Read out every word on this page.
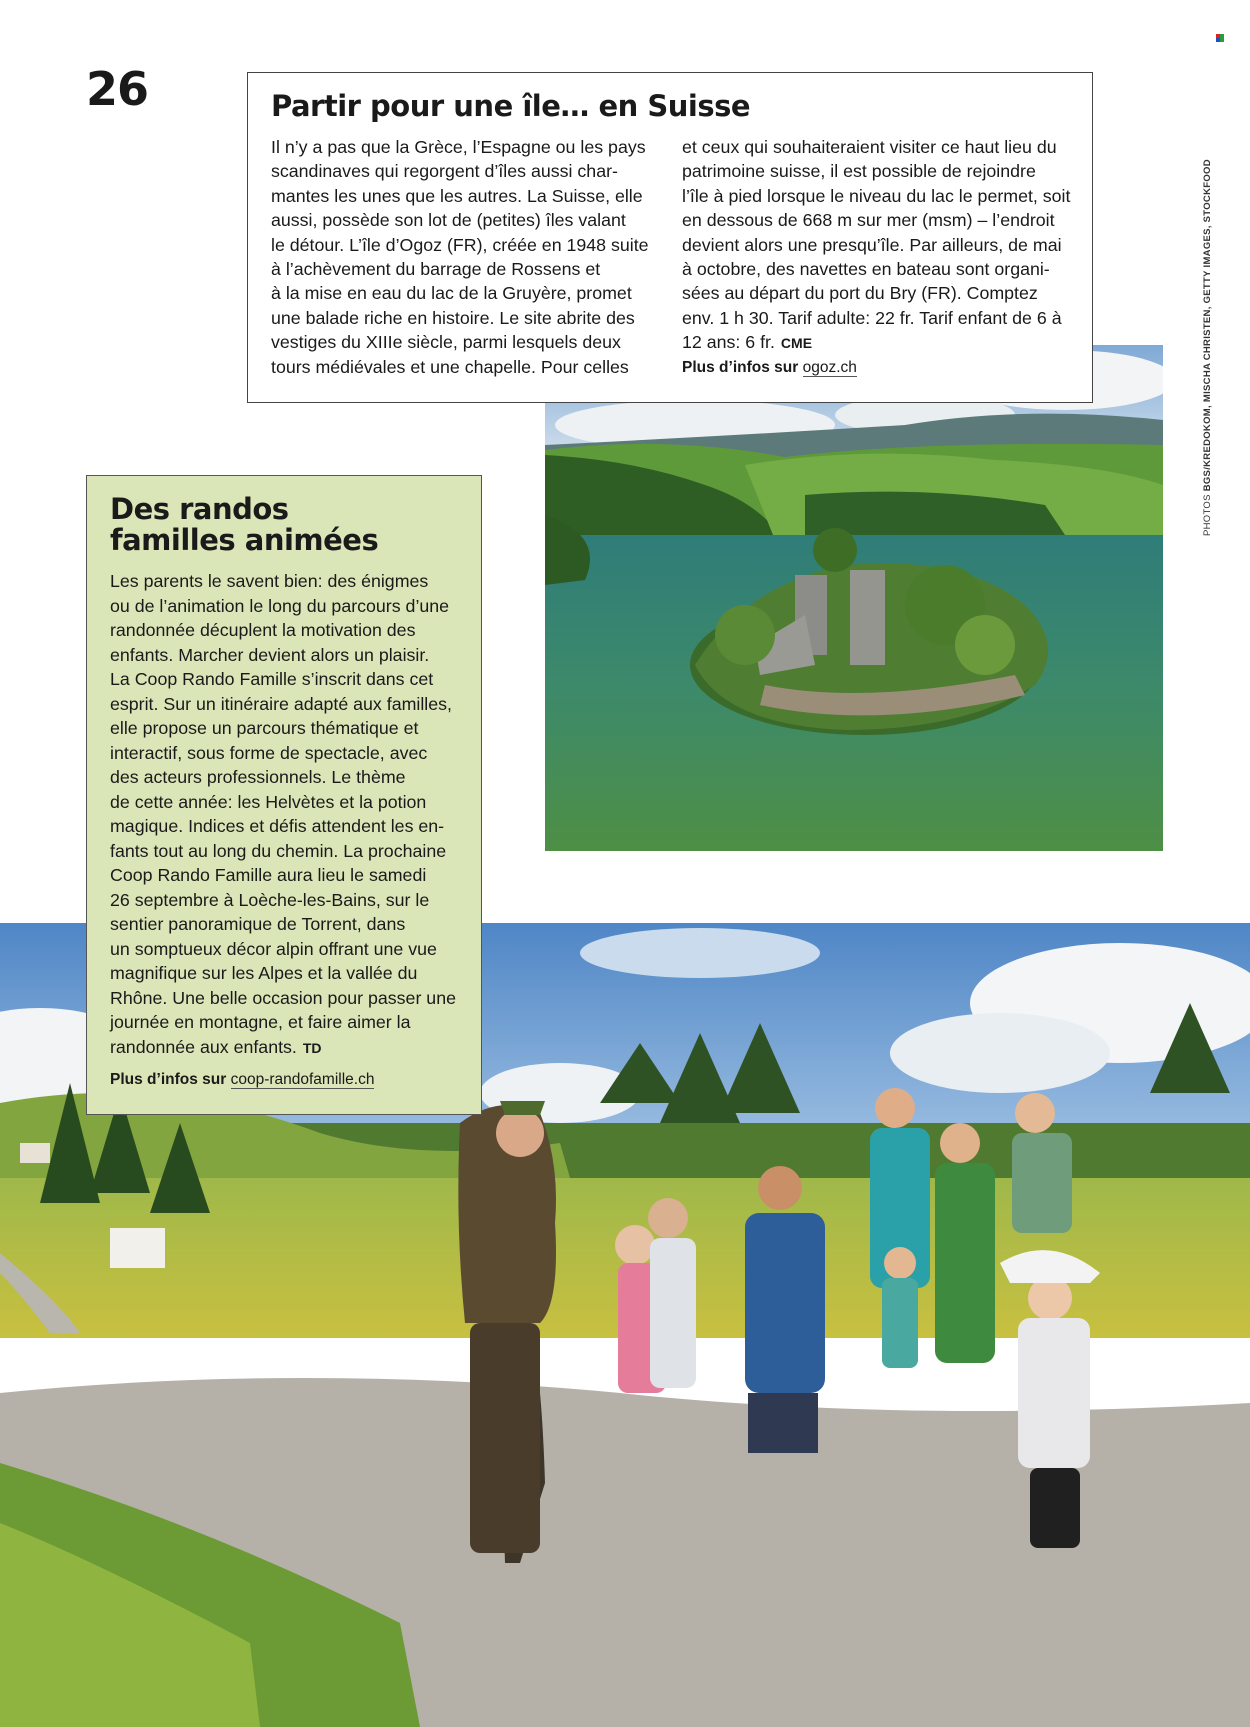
26	Partir pour une île… en Suisse

Il n’y a pas que la Grèce, l’Espagne ou les pays

scandinaves qui regorgent d’îles aussi char-

mantes les unes que les autres. La Suisse, elle

aussi, possède son lot de (petites) îles valant

le détour. L’île d’Ogoz (FR), créée en 1948 suite

à l’achèvement du barrage de Rossens et

à la mise en eau du lac de la Gruyère, promet

une balade riche en histoire. Le site abrite des

vestiges du XIIIe siècle, parmi lesquels deux

tours médiévales et une chapelle. Pour celles

et ceux qui souhaiteraient visiter ce haut lieu du

patrimoine suisse, il est possible de rejoindre

l’île à pied lorsque le niveau du lac le permet, soit

en dessous de 668 m sur mer (msm) – l’endroit

devient alors une presqu’île. Par ailleurs, de mai

à octobre, des navettes en bateau sont organi-

sées au départ du port du Bry (FR). Comptez

env. 1 h 30. Tarif adulte: 22 fr. Tarif enfant de 6 à

12 ans: 6 fr. CME

Plus d’infos sur ogoz.ch

PHOTOS BGS/KREDOKOM, MISCHA CHRISTEN, GETTY IMAGES, STOCKFOOD
Des randos
familles animées

Les parents le savent bien: des énigmes

ou de l’animation le long du parcours d’une

randonnée décuplent la motivation des

enfants. Marcher devient alors un plaisir.

La Coop Rando Famille s’inscrit dans cet

esprit. Sur un itinéraire adapté aux familles,

elle propose un parcours thématique et

interactif, sous forme de spectacle, avec

des acteurs professionnels. Le thème

de cette année: les Helvètes et la potion

magique. Indices et défis attendent les en-

fants tout au long du chemin. La prochaine

Coop Rando Famille aura lieu le samedi

26 septembre à Loèche-les-Bains, sur le

sentier panoramique de Torrent, dans

un somptueux décor alpin offrant une vue

magnifique sur les Alpes et la vallée du

Rhône. Une belle occasion pour passer une

journée en montagne, et faire aimer la

randonnée aux enfants. TD

Plus d’infos sur coop-randofamille.ch
